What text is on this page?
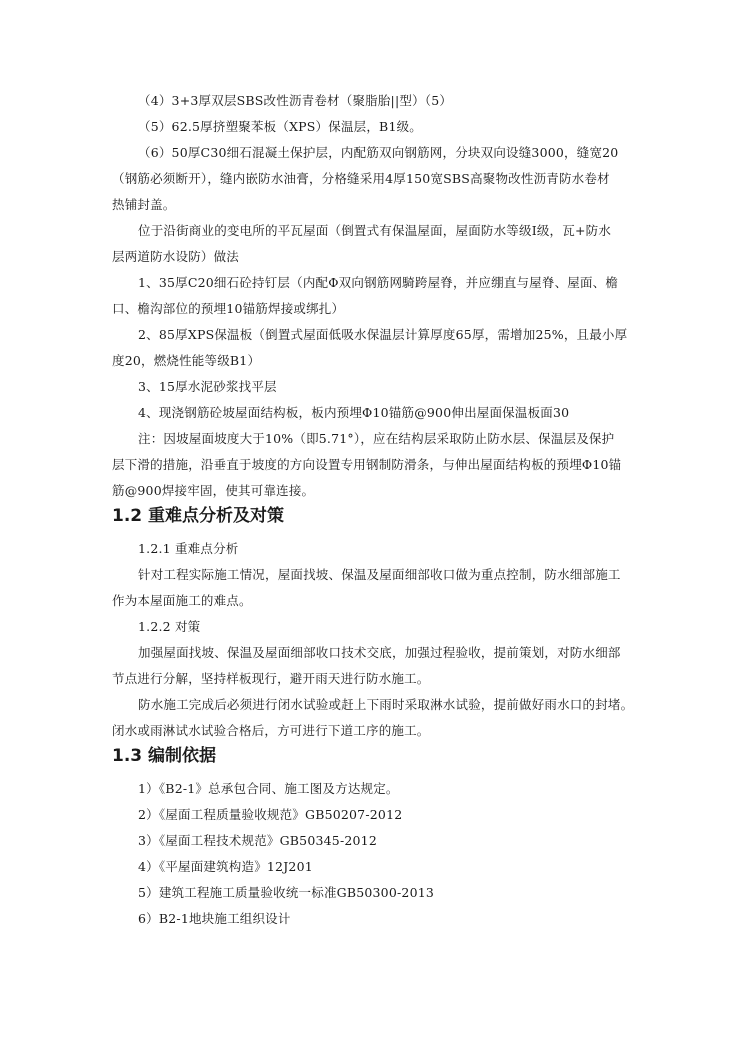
（4）3+3厚双层SBS改性沥青卷材（聚脂胎||型）（5）
（5）62.5厚挤塑聚苯板（XPS）保温层，B1级。
（6）50厚C30细石混凝土保护层，内配筋双向钢筋网，分块双向设缝3000，缝宽20
（钢筋必须断开），缝内嵌防水油膏，分格缝采用4厚150宽SBS高聚物改性沥青防水卷材
热铺封盖。
位于沿街商业的变电所的平瓦屋面（倒置式有保温屋面，屋面防水等级I级，瓦+防水
层两道防水设防）做法
1、35厚C20细石砼持钉层（内配Φ双向钢筋网騎跨屋脊，并应绷直与屋脊、屋面、檐
口、檐沟部位的预埋10锚筋焊接或绑扎）
2、85厚XPS保温板（倒置式屋面低吸水保温层计算厚度65厚，需增加25%，且最小厚
度20，燃烧性能等级B1）
3、15厚水泥砂浆找平层
4、现浇钢筋砼坡屋面结构板，板内预埋Φ10锚筋@900伸出屋面保温板面30
注：因坡屋面坡度大于10%（即5.71°），应在结构层采取防止防水层、保温层及保护
层下滑的措施，沿垂直于坡度的方向设置专用钢制防滑条，与伸出屋面结构板的预埋Φ10锚
筋@900焊接牢固，使其可靠连接。
1.2 重难点分析及对策
1.2.1 重难点分析
针对工程实际施工情况，屋面找坡、保温及屋面细部收口做为重点控制，防水细部施工
作为本屋面施工的难点。
1.2.2 对策
加强屋面找坡、保温及屋面细部收口技术交底，加强过程验收，提前策划，对防水细部
节点进行分解，坚持样板现行，避开雨天进行防水施工。
防水施工完成后必须进行闭水试验或赶上下雨时采取淋水试验，提前做好雨水口的封堵。
闭水或雨淋试水试验合格后，方可进行下道工序的施工。
1.3 编制依据
1）《B2-1》总承包合同、施工图及方达规定。
2）《屋面工程质量验收规范》GB50207-2012
3）《屋面工程技术规范》GB50345-2012
4）《平屋面建筑构造》12J201
5）建筑工程施工质量验收统一标准GB50300-2013
6）B2-1地块施工组织设计
